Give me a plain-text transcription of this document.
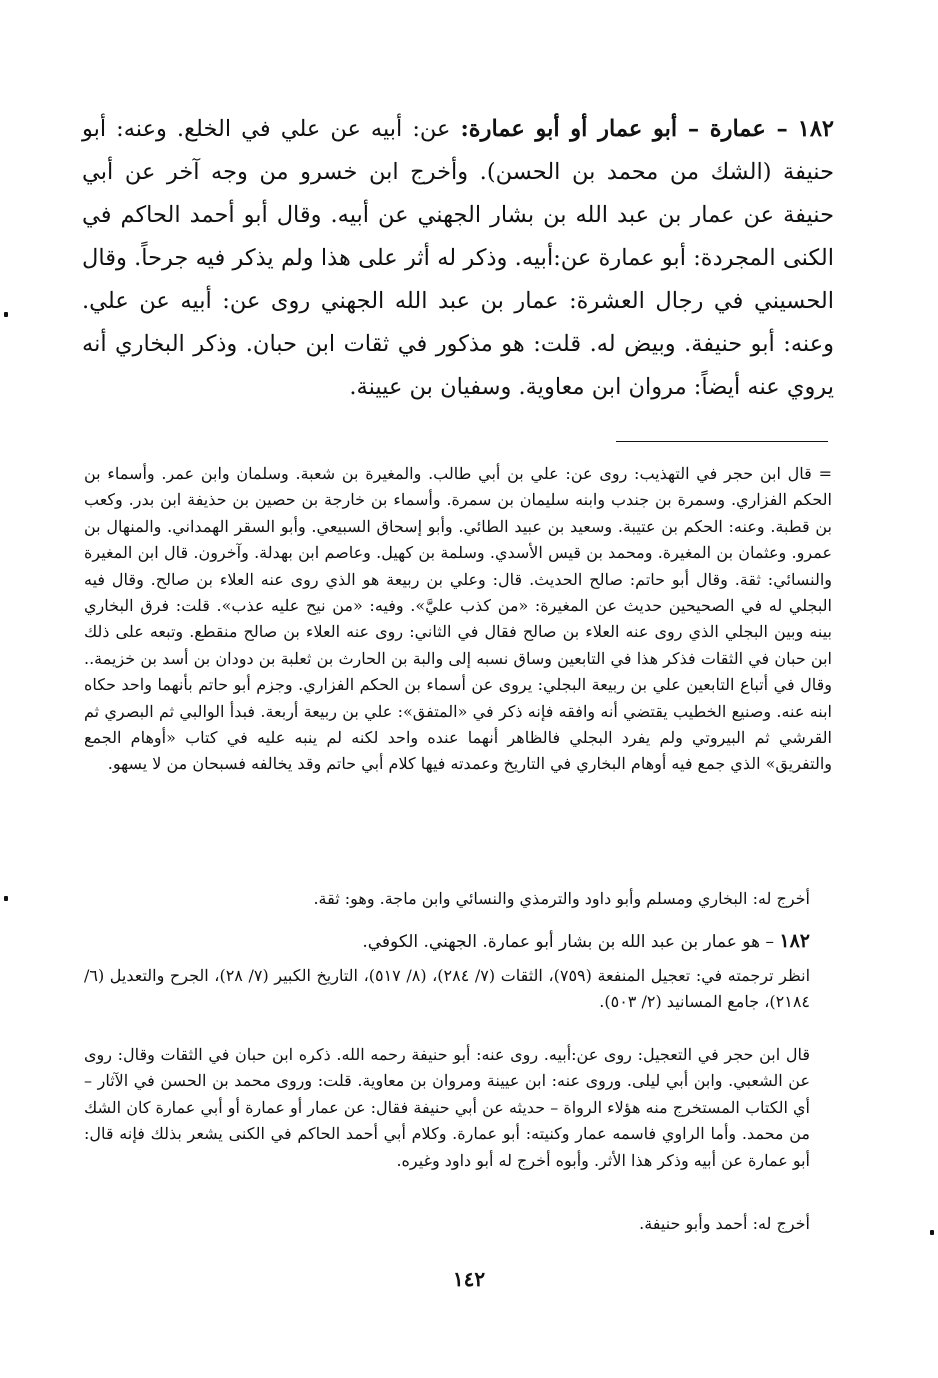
١٨٢ – عمارة – أبو عمار أو أبو عمارة: عن: أبيه عن علي في الخلع. وعنه: أبو حنيفة (الشك من محمد بن الحسن). وأخرج ابن خسرو من وجه آخر عن أبي حنيفة عن عمار بن عبد الله بن بشار الجهني عن أبيه. وقال أبو أحمد الحاكم في الكنى المجردة: أبو عمارة عن:أبيه. وذكر له أثر على هذا ولم يذكر فيه جرحاً. وقال الحسيني في رجال العشرة: عمار بن عبد الله الجهني روى عن: أبيه عن علي. وعنه: أبو حنيفة. وبيض له. قلت: هو مذكور في ثقات ابن حبان. وذكر البخاري أنه يروي عنه أيضاً: مروان ابن معاوية. وسفيان بن عيينة.

= قال ابن حجر في التهذيب: روى عن: علي بن أبي طالب. والمغيرة بن شعبة. وسلمان وابن عمر. وأسماء بن الحكم الفزاري. وسمرة بن جندب وابنه سليمان بن سمرة. وأسماء بن خارجة بن حصين بن حذيفة ابن بدر. وكعب بن قطبة. وعنه: الحكم بن عتيبة. وسعيد بن عبيد الطائي. وأبو إسحاق السبيعي. وأبو السقر الهمداني. والمنهال بن عمرو. وعثمان بن المغيرة. ومحمد بن قيس الأسدي. وسلمة بن كهيل. وعاصم ابن بهدلة. وآخرون. قال ابن المغيرة والنسائي: ثقة. وقال أبو حاتم: صالح الحديث. قال: وعلي بن ربيعة هو الذي روى عنه العلاء بن صالح. وقال فيه البجلي له في الصحيحين حديث عن المغيرة: «من كذب عليَّ». وفيه: «من نيح عليه عذب». قلت: فرق البخاري بينه وبين البجلي الذي روى عنه العلاء بن صالح فقال في الثاني: روى عنه العلاء بن صالح منقطع. وتبعه على ذلك ابن حبان في الثقات فذكر هذا في التابعين وساق نسبه إلى والبة بن الحارث بن ثعلبة بن دودان بن أسد بن خزيمة.. وقال في أتباع التابعين علي بن ربيعة البجلي: يروى عن أسماء بن الحكم الفزاري. وجزم أبو حاتم بأنهما واحد حكاه ابنه عنه. وصنيع الخطيب يقتضي أنه وافقه فإنه ذكر في «المتفق»: علي بن ربيعة أربعة. فبدأ الوالبي ثم البصري ثم القرشي ثم البيروتي ولم يفرد البجلي فالظاهر أنهما عنده واحد لكنه لم ينبه عليه في كتاب «أوهام الجمع والتفريق» الذي جمع فيه أوهام البخاري في التاريخ وعمدته فيها كلام أبي حاتم وقد يخالفه فسبحان من لا يسهو.

أخرج له: البخاري ومسلم وأبو داود والترمذي والنسائي وابن ماجة. وهو: ثقة.

١٨٢ – هو عمار بن عبد الله بن بشار أبو عمارة. الجهني. الكوفي.

انظر ترجمته في: تعجيل المنفعة (٧٥٩)، الثقات (٧/ ٢٨٤)، (٨/ ٥١٧)، التاريخ الكبير (٧/ ٢٨)، الجرح والتعديل (٦/ ٢١٨٤)، جامع المسانيد (٢/ ٥٠٣).

قال ابن حجر في التعجيل: روى عن:أبيه. روى عنه: أبو حنيفة رحمه الله. ذكره ابن حبان في الثقات وقال: روى عن الشعبي. وابن أبي ليلى. وروى عنه: ابن عيينة ومروان بن معاوية. قلت: وروى محمد بن الحسن في الآثار – أي الكتاب المستخرج منه هؤلاء الرواة – حديثه عن أبي حنيفة فقال: عن عمار أو عمارة أو أبي عمارة كان الشك من محمد. وأما الراوي فاسمه عمار وكنيته: أبو عمارة. وكلام أبي أحمد الحاكم في الكنى يشعر بذلك فإنه قال: أبو عمارة عن أبيه وذكر هذا الأثر. وأبوه أخرج له أبو داود وغيره.

أخرج له: أحمد وأبو حنيفة.

١٤٢
